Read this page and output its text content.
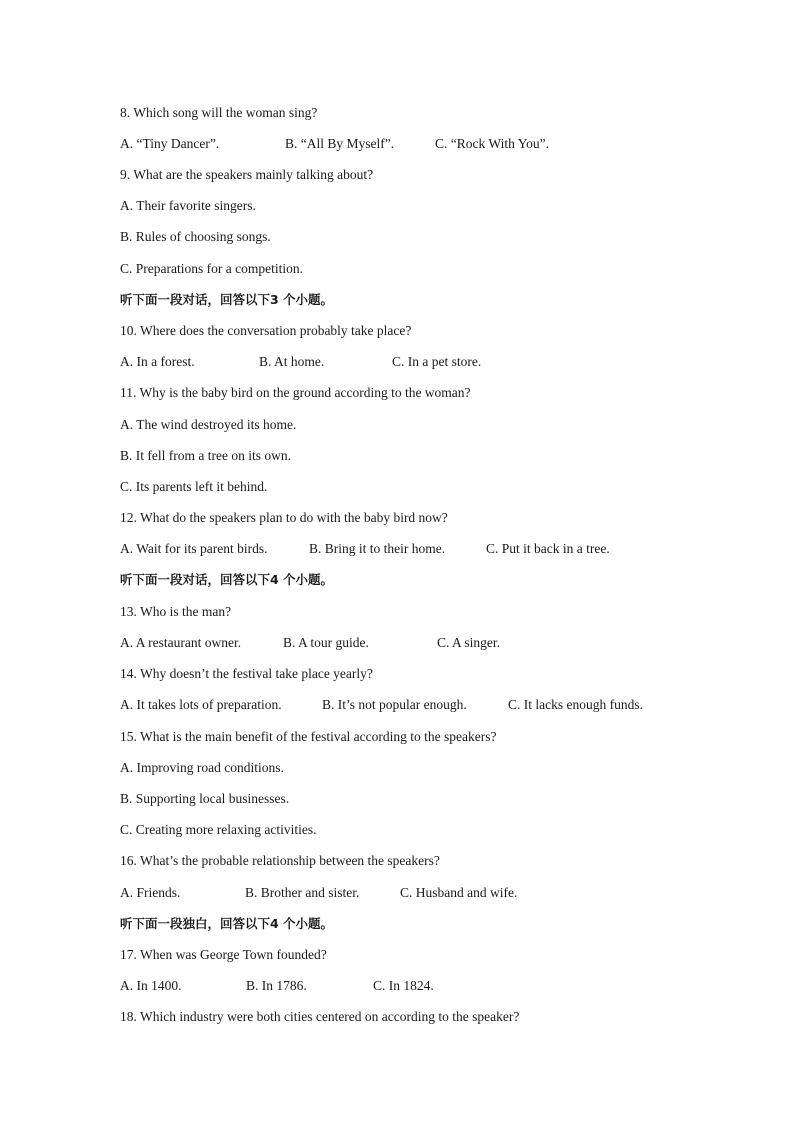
8. Which song will the woman sing?
A. “Tiny Dancer”.	B. “All By Myself”.	C. “Rock With You”.
9. What are the speakers mainly talking about?
A. Their favorite singers.
B. Rules of choosing songs.
C. Preparations for a competition.
听下面一段对话，回答以下3 个小题。
10. Where does the conversation probably take place?
A. In a forest.	B. At home.	C. In a pet store.
11. Why is the baby bird on the ground according to the woman?
A. The wind destroyed its home.
B. It fell from a tree on its own.
C. Its parents left it behind.
12. What do the speakers plan to do with the baby bird now?
A. Wait for its parent birds.	B. Bring it to their home.	C. Put it back in a tree.
听下面一段对话，回答以下4 个小题。
13. Who is the man?
A. A restaurant owner.	B. A tour guide.	C. A singer.
14. Why doesn’t the festival take place yearly?
A. It takes lots of preparation.	B. It’s not popular enough.	C. It lacks enough funds.
15. What is the main benefit of the festival according to the speakers?
A. Improving road conditions.
B. Supporting local businesses.
C. Creating more relaxing activities.
16. What’s the probable relationship between the speakers?
A. Friends.	B. Brother and sister.	C. Husband and wife.
听下面一段独白，回答以下4 个小题。
17. When was George Town founded?
A. In 1400.	B. In 1786.	C. In 1824.
18. Which industry were both cities centered on according to the speaker?
